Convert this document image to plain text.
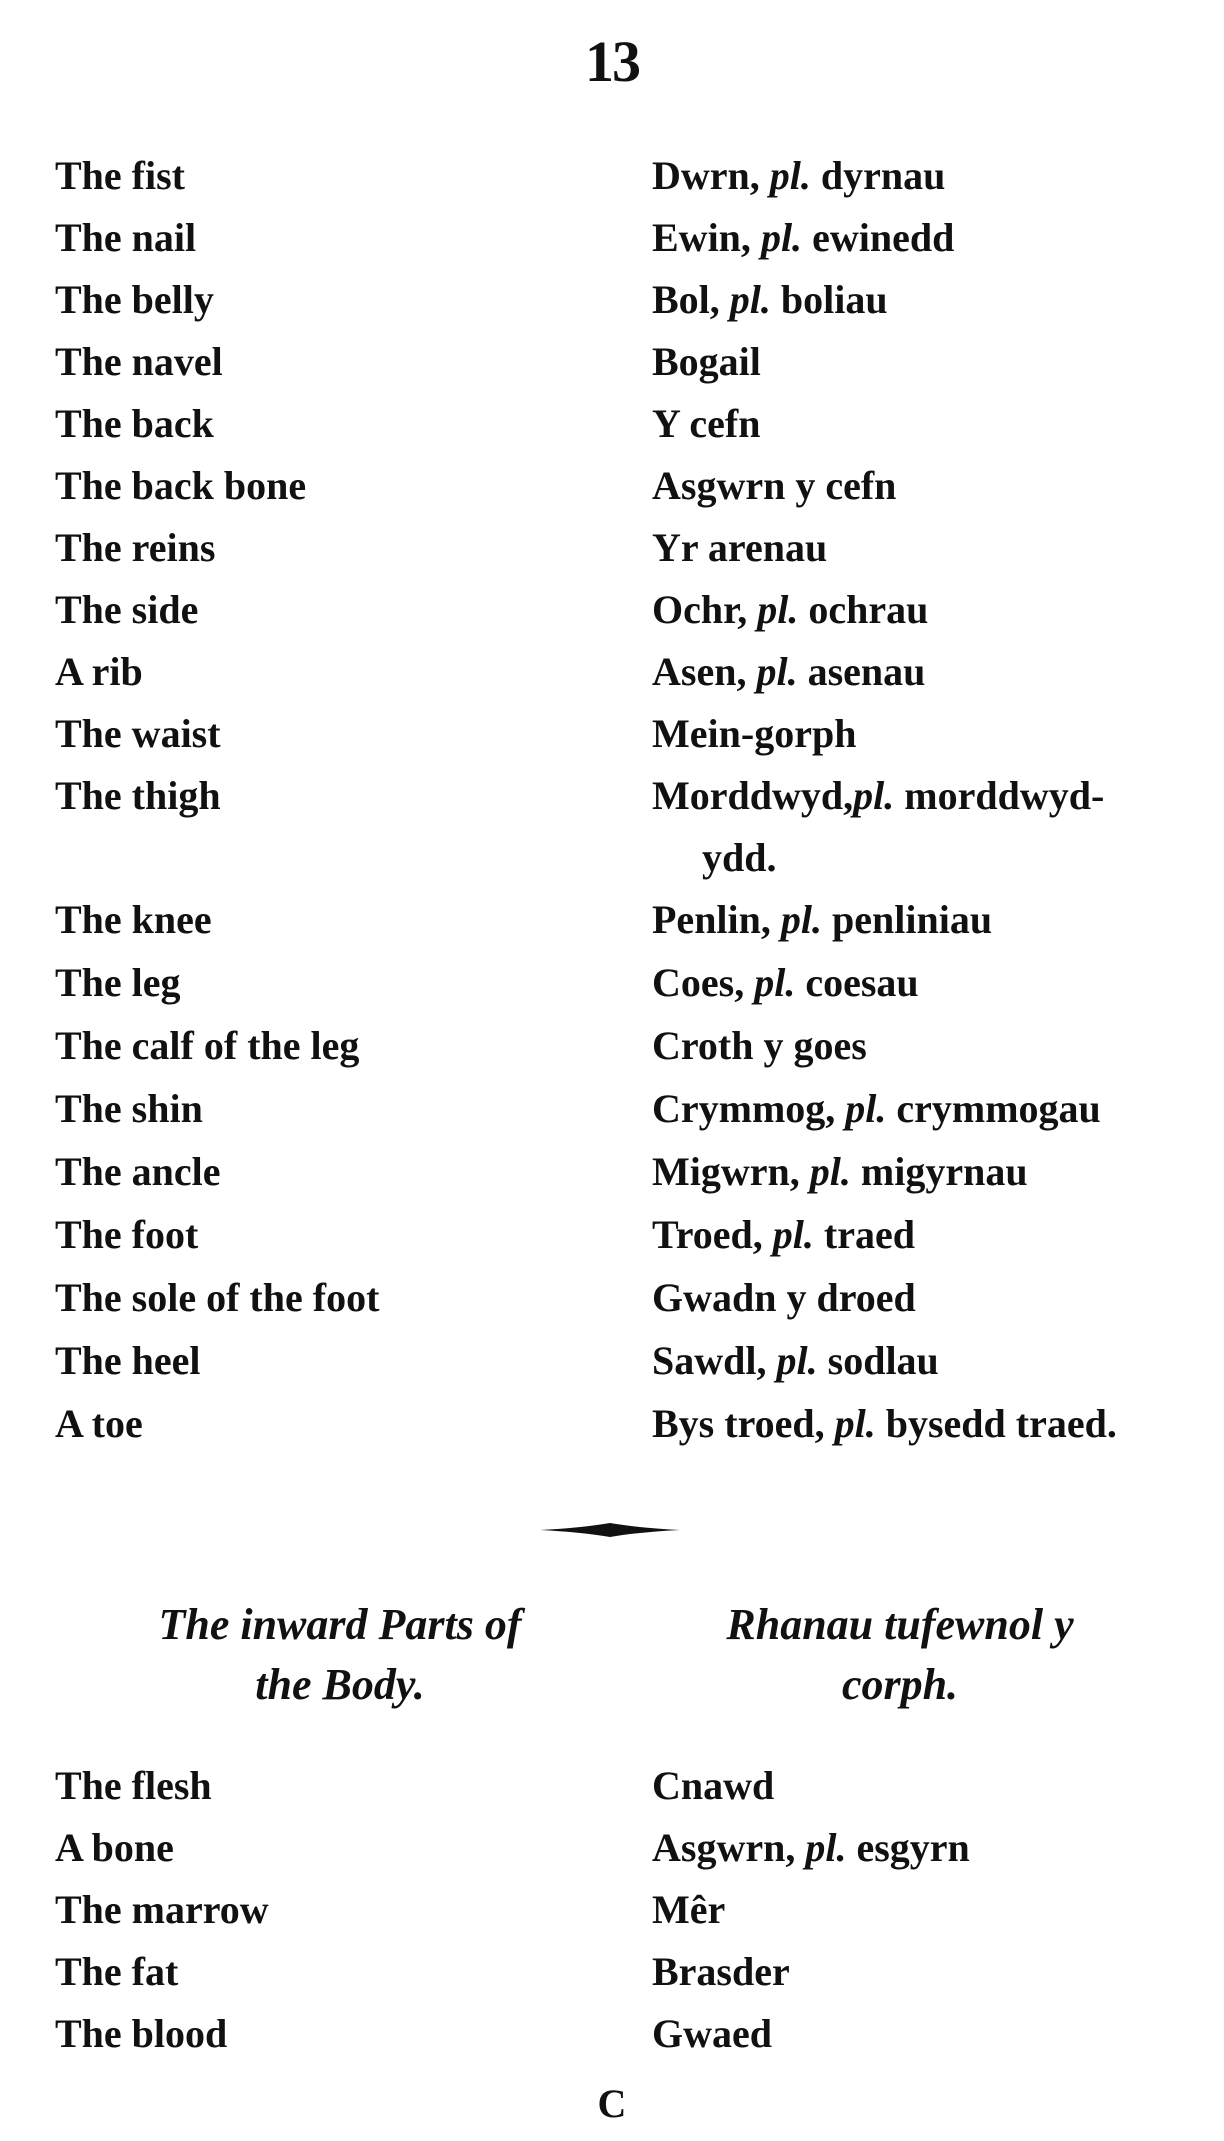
13
The fist	Dwrn, pl. dyrnau
The nail	Ewin, pl. ewinedd
The belly	Bol, pl. boliau
The navel	Bogail
The back	Y cefn
The back bone	Asgwrn y cefn
The reins	Yr arenau
The side	Ochr, pl. ochrau
A rib	Asen, pl. asenau
The waist	Mein-gorph
The thigh	Morddwyd,pl. morddwyd-
ydd.
The knee	Penlin, pl. penliniau
The leg	Coes, pl. coesau
The calf of the leg	Croth y goes
The shin	Crymmog, pl. crymmogau
The ancle	Migwrn, pl. migyrnau
The foot	Troed, pl. traed
The sole of the foot	Gwadn y droed
The heel	Sawdl, pl. sodlau
A toe	Bys troed, pl. bysedd traed.
The inward Parts of
the Body.
Rhanau tufewnol y
corph.
The flesh	Cnawd
A bone	Asgwrn, pl. esgyrn
The marrow	Mêr
The fat	Brasder
The blood	Gwaed
C
